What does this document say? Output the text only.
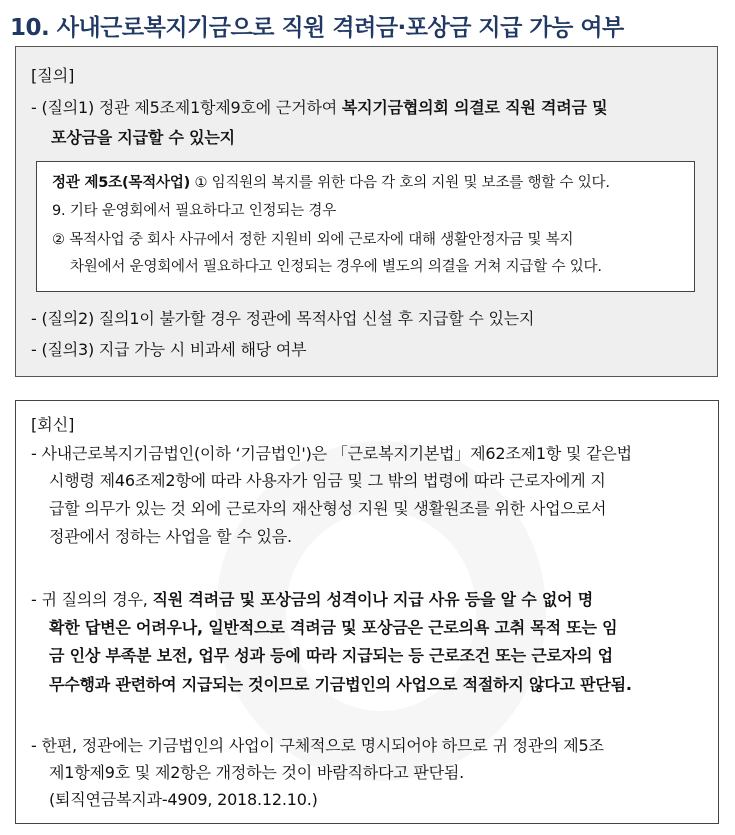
10. 사내근로복지기금으로 직원 격려금·포상금 지급 가능 여부
[질의]
- (질의1) 정관 제5조제1항제9호에 근거하여 복지기금협의회 의결로 직원 격려금 및
포상금을 지급할 수 있는지
정관 제5조(목적사업) ① 임직원의 복지를 위한 다음 각 호의 지원 및 보조를 행할 수 있다.
9. 기타 운영회에서 필요하다고 인정되는 경우
② 목적사업 중 회사 사규에서 정한 지원비 외에 근로자에 대해 생활안정자금 및 복지
차원에서 운영회에서 필요하다고 인정되는 경우에 별도의 의결을 거쳐 지급할 수 있다.
- (질의2) 질의1이 불가할 경우 정관에 목적사업 신설 후 지급할 수 있는지
- (질의3) 지급 가능 시 비과세 해당 여부
[회신]
- 사내근로복지기금법인(이하 ‘기금법인')은 「근로복지기본법」제62조제1항 및 같은법
시행령 제46조제2항에 따라 사용자가 임금 및 그 밖의 법령에 따라 근로자에게 지
급할 의무가 있는 것 외에 근로자의 재산형성 지원 및 생활원조를 위한 사업으로서
정관에서 정하는 사업을 할 수 있음.
- 귀 질의의 경우, 직원 격려금 및 포상금의 성격이나 지급 사유 등을 알 수 없어 명
확한 답변은 어려우나, 일반적으로 격려금 및 포상금은 근로의욕 고취 목적 또는 임
금 인상 부족분 보전, 업무 성과 등에 따라 지급되는 등 근로조건 또는 근로자의 업
무수행과 관련하여 지급되는 것이므로 기금법인의 사업으로 적절하지 않다고 판단됨.
- 한편, 정관에는 기금법인의 사업이 구체적으로 명시되어야 하므로 귀 정관의 제5조
제1항제9호 및 제2항은 개정하는 것이 바람직하다고 판단됨.
(퇴직연금복지과-4909, 2018.12.10.)
